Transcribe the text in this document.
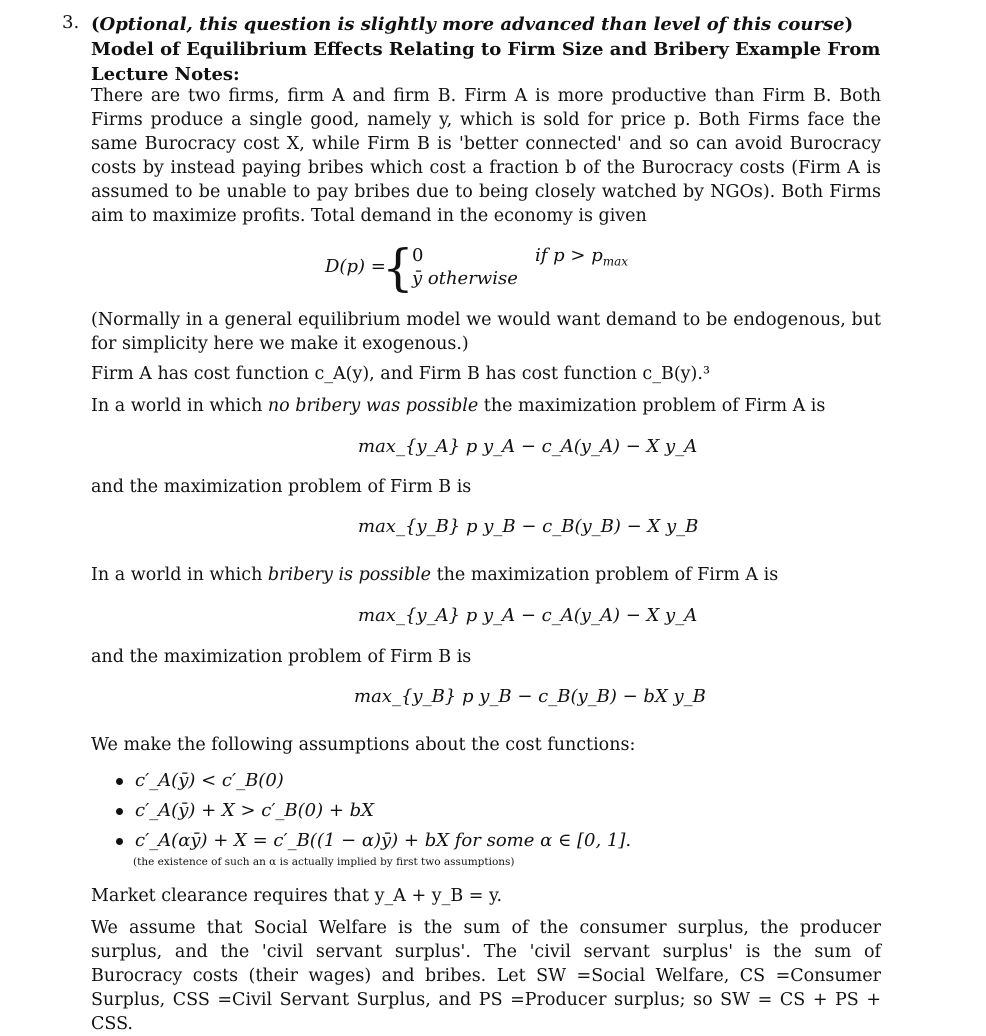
3. (Optional, this question is slightly more advanced than level of this course) Model of Equilibrium Effects Relating to Firm Size and Bribery Example From Lecture Notes:
There are two firms, firm A and firm B. Firm A is more productive than Firm B. Both Firms produce a single good, namely y, which is sold for price p. Both Firms face the same Burocracy cost X, while Firm B is 'better connected' and so can avoid Burocracy costs by instead paying bribes which cost a fraction b of the Burocracy costs (Firm A is assumed to be unable to pay bribes due to being closely watched by NGOs). Both Firms aim to maximize profits. Total demand in the economy is given
D(p) =
{
0	if $p > p_{max}$
ȳ otherwise
(Normally in a general equilibrium model we would want demand to be endogenous, but for simplicity here we make it exogenous.)
Firm A has cost function c_A(y), and Firm B has cost function c_B(y).³
In a world in which no bribery was possible the maximization problem of Firm A is
max_{y_A} p y_A − c_A(y_A) − X y_A
and the maximization problem of Firm B is
max_{y_B} p y_B − c_B(y_B) − X y_B
In a world in which bribery is possible the maximization problem of Firm A is
max_{y_A} p y_A − c_A(y_A) − X y_A
and the maximization problem of Firm B is
max_{y_B} p y_B − c_B(y_B) − bX y_B
We make the following assumptions about the cost functions:
c′_A(ȳ) < c′_B(0)
c′_A(ȳ) + X > c′_B(0) + bX
c′_A(αȳ) + X = c′_B((1 − α)ȳ) + bX for some α ∈ [0, 1].
(the existence of such an α is actually implied by first two assumptions)
Market clearance requires that y_A + y_B = y.
We assume that Social Welfare is the sum of the consumer surplus, the producer surplus, and the 'civil servant surplus'. The 'civil servant surplus' is the sum of Burocracy costs (their wages) and bribes. Let SW =Social Welfare, CS =Consumer Surplus, CSS =Civil Servant Surplus, and PS =Producer surplus; so SW = CS + PS + CSS.
